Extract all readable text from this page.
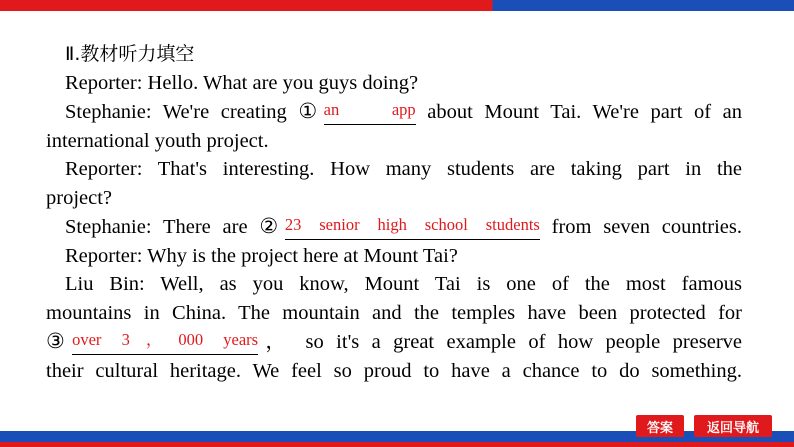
Ⅱ.教材听力填空
Reporter: Hello. What are you guys doing?
Stephanie: We're creating ①an app about Mount Tai. We're part of an
international youth project.
Reporter: That's interesting. How many students are taking part in the
project?
Stephanie: There are ②23 senior high school students from seven countries.
Reporter: Why is the project here at Mount Tai?
Liu Bin: Well, as you know, Mount Tai is one of the most famous
mountains in China. The mountain and the temples have been protected for
③over 3，000 years， so it's a great example of how people preserve
their cultural heritage. We feel so proud to have a chance to do something.
答案	返回导航
